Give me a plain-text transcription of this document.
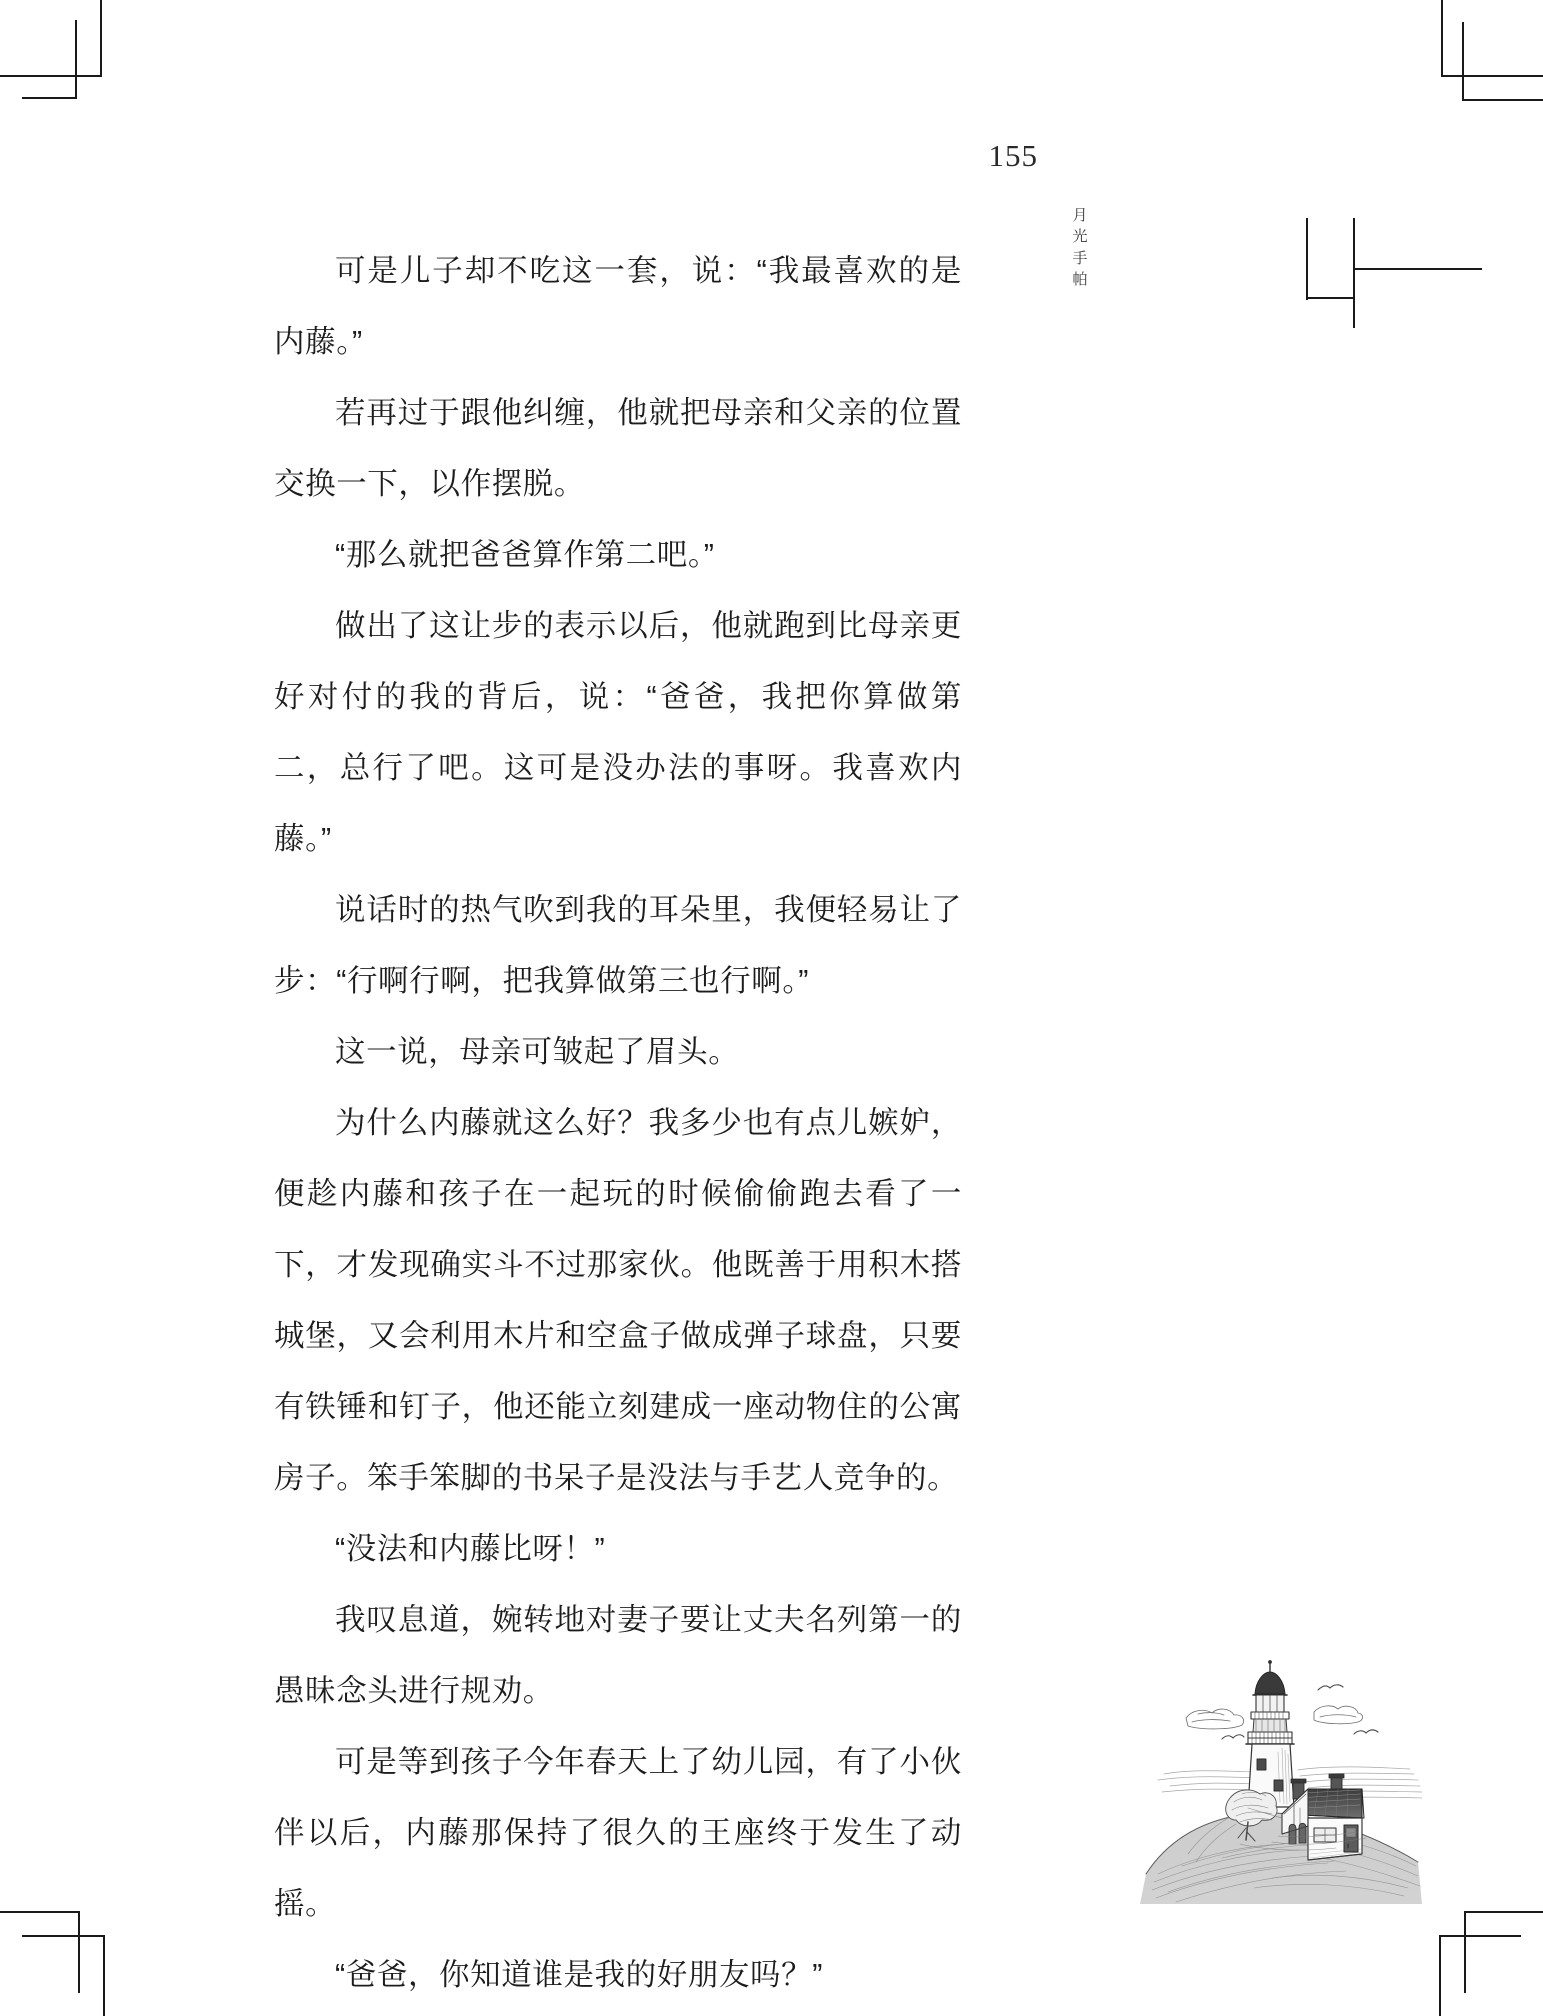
155
月
光
手
帕

可是儿子却不吃这一套，说：“我最喜欢的是内藤。”

若再过于跟他纠缠，他就把母亲和父亲的位置交换一下，以作摆脱。

“那么就把爸爸算作第二吧。”

做出了这让步的表示以后，他就跑到比母亲更好对付的我的背后，说：“爸爸，我把你算做第二，总行了吧。这可是没办法的事呀。我喜欢内藤。”

说话时的热气吹到我的耳朵里，我便轻易让了步：“行啊行啊，把我算做第三也行啊。”

这一说，母亲可皱起了眉头。

为什么内藤就这么好？我多少也有点儿嫉妒，便趁内藤和孩子在一起玩的时候偷偷跑去看了一下，才发现确实斗不过那家伙。他既善于用积木搭城堡，又会利用木片和空盒子做成弹子球盘，只要有铁锤和钉子，他还能立刻建成一座动物住的公寓房子。笨手笨脚的书呆子是没法与手艺人竞争的。

“没法和内藤比呀！”

我叹息道，婉转地对妻子要让丈夫名列第一的愚昧念头进行规劝。

可是等到孩子今年春天上了幼儿园，有了小伙伴以后，内藤那保持了很久的王座终于发生了动摇。

“爸爸，你知道谁是我的好朋友吗？”
